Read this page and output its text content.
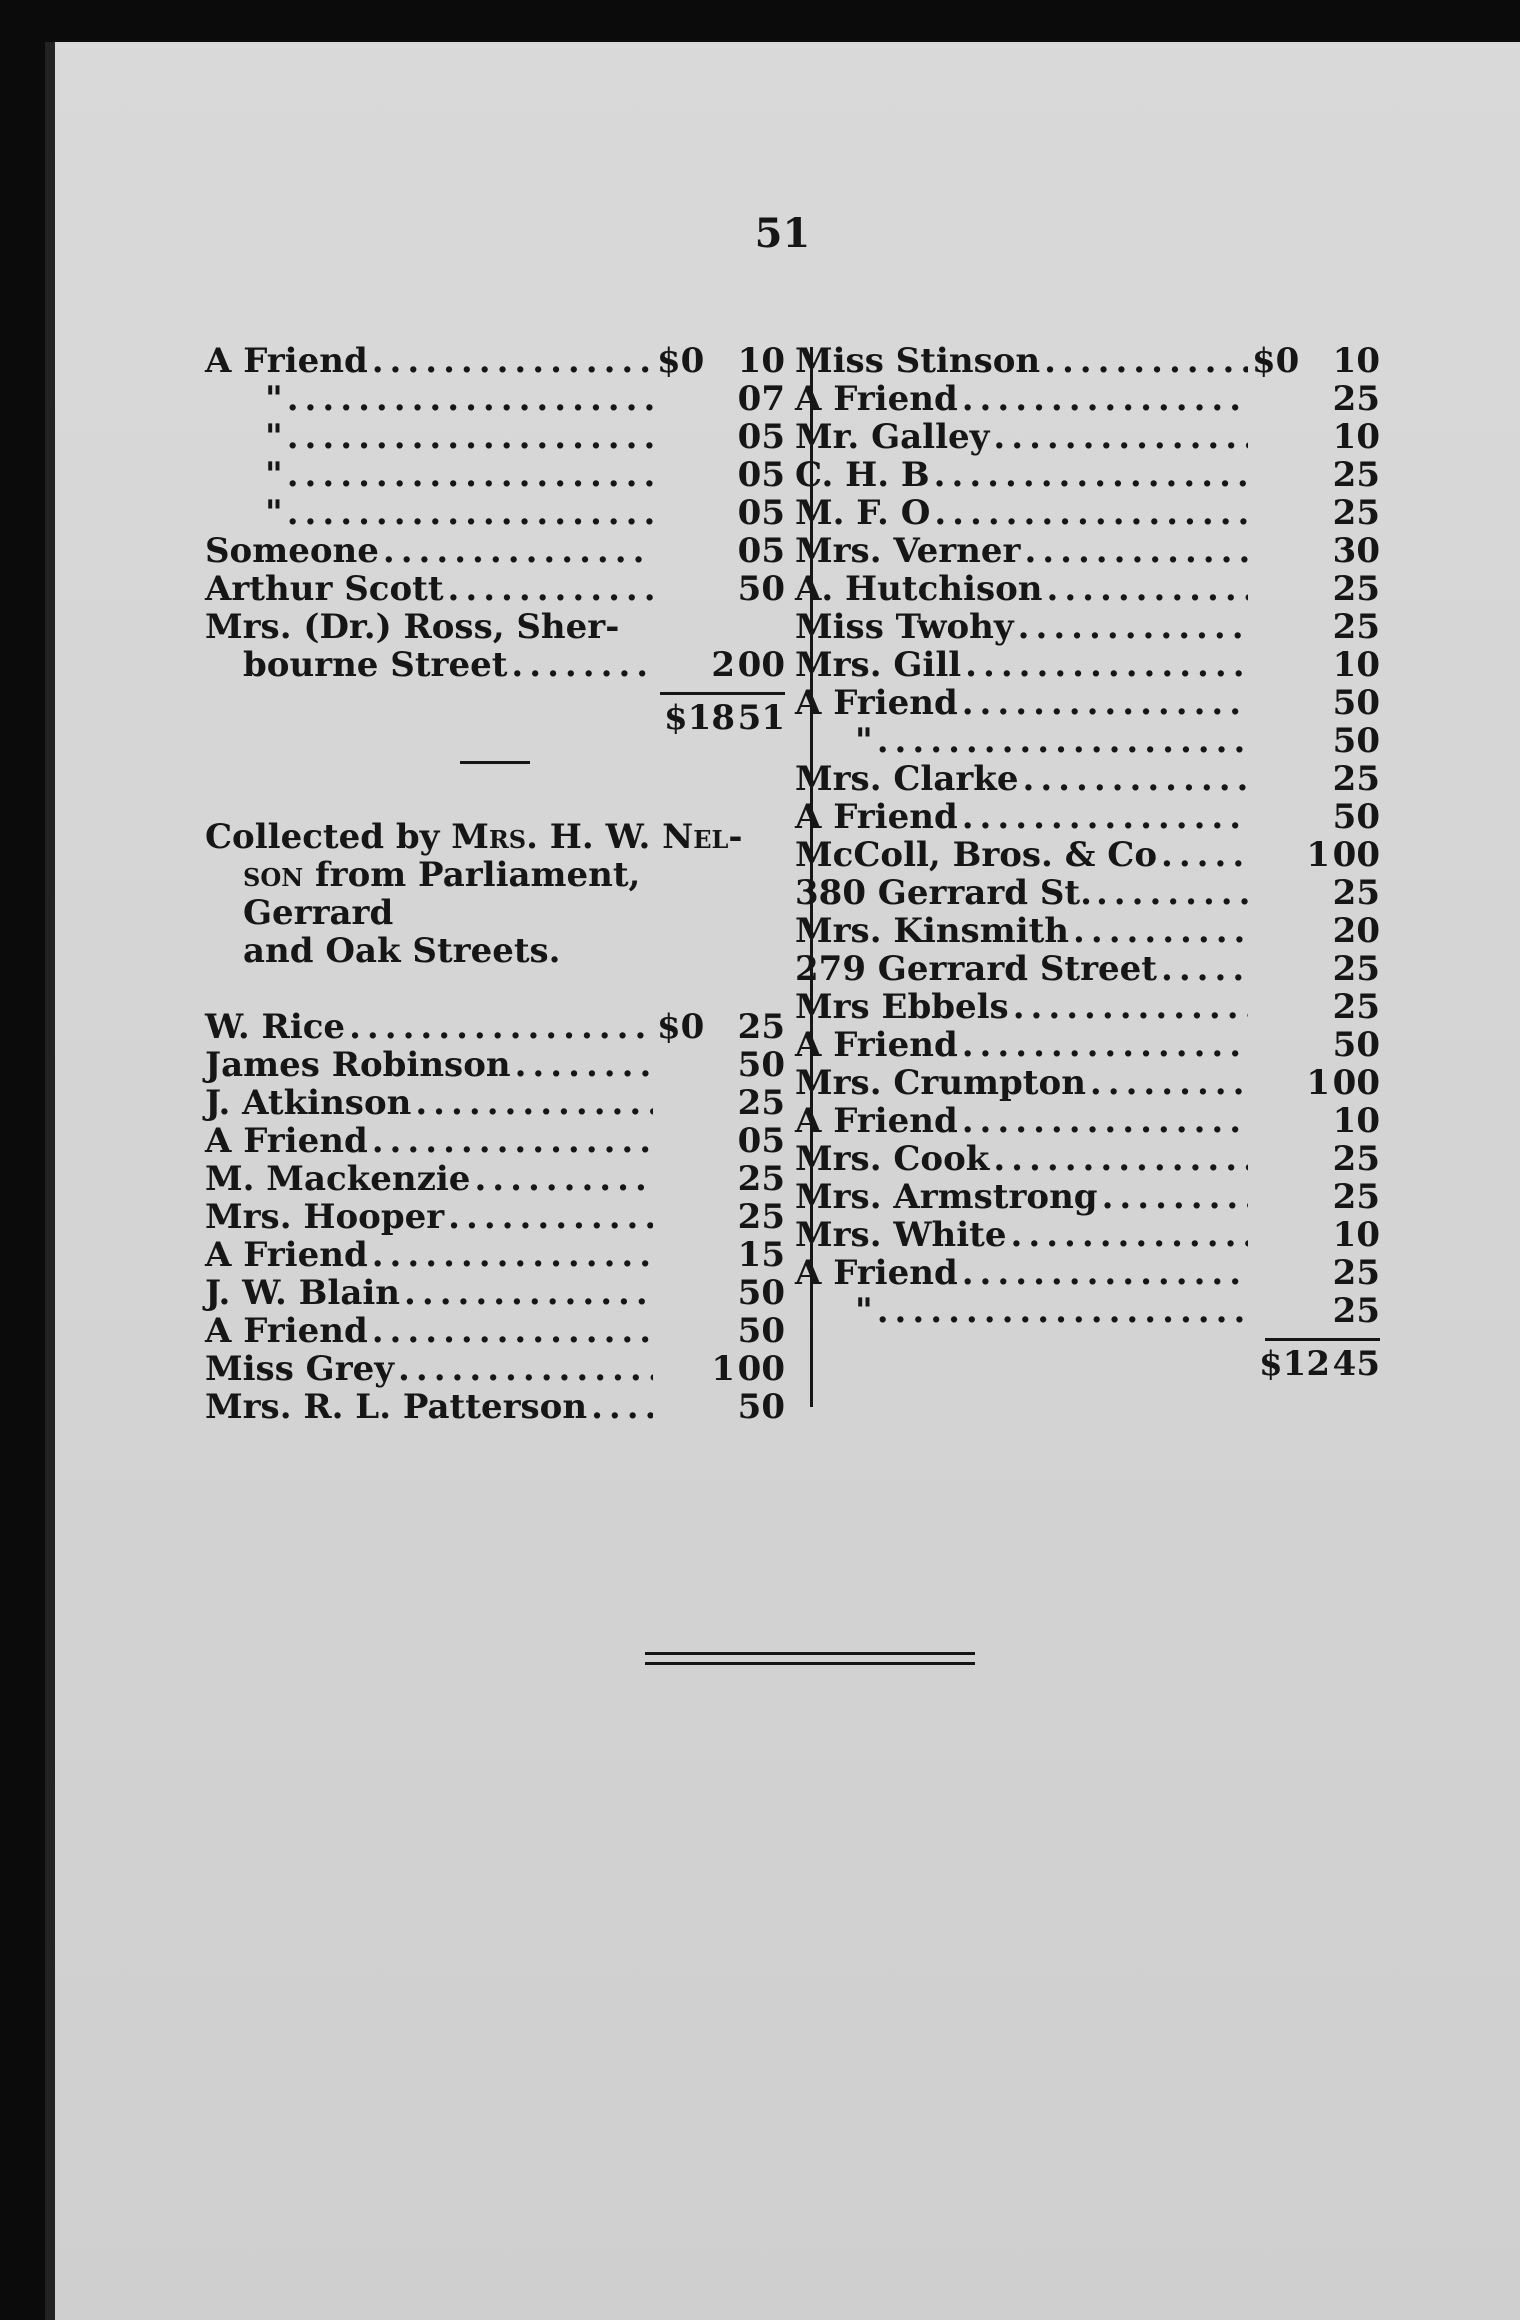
51
A Friend .....	$0 10
" .....	07
" .....	05
" .....	05
" .....	05
Someone .....	05
Arthur Scott .....	50
Mrs. (Dr.) Ross, Sher-
bourne Street .....	2 00
$18 51
Collected by Mrs. H. W. Nel-
son from Parliament, Gerrard
and Oak Streets.
W. Rice .....	$0 25
James Robinson .....	50
J. Atkinson .....	25
A Friend .....	05
M. Mackenzie .....	25
Mrs. Hooper .....	25
A Friend .....	15
J. W. Blain .....	50
A Friend .....	50
Miss Grey .....	1 00
Mrs. R. L. Patterson .....	50
Miss Stinson .....	$0 10
A Friend .....	25
Mr. Galley .....	10
C. H. B .....	25
M. F. O .....	25
Mrs. Verner .....	30
A. Hutchison .....	25
Miss Twohy .....	25
Mrs. Gill .....	10
A Friend .....	50
" .....	50
Mrs. Clarke .....	25
A Friend .....	50
McColl, Bros. & Co .....	1 00
380 Gerrard St. .....	25
Mrs. Kinsmith .....	20
279 Gerrard Street .....	25
Mrs Ebbels .....	25
A Friend .....	50
Mrs. Crumpton .....	1 00
A Friend .....	10
Mrs. Cook .....	25
Mrs. Armstrong .....	25
Mrs. White .....	10
A Friend .....	25
" .....	25
$12 45
